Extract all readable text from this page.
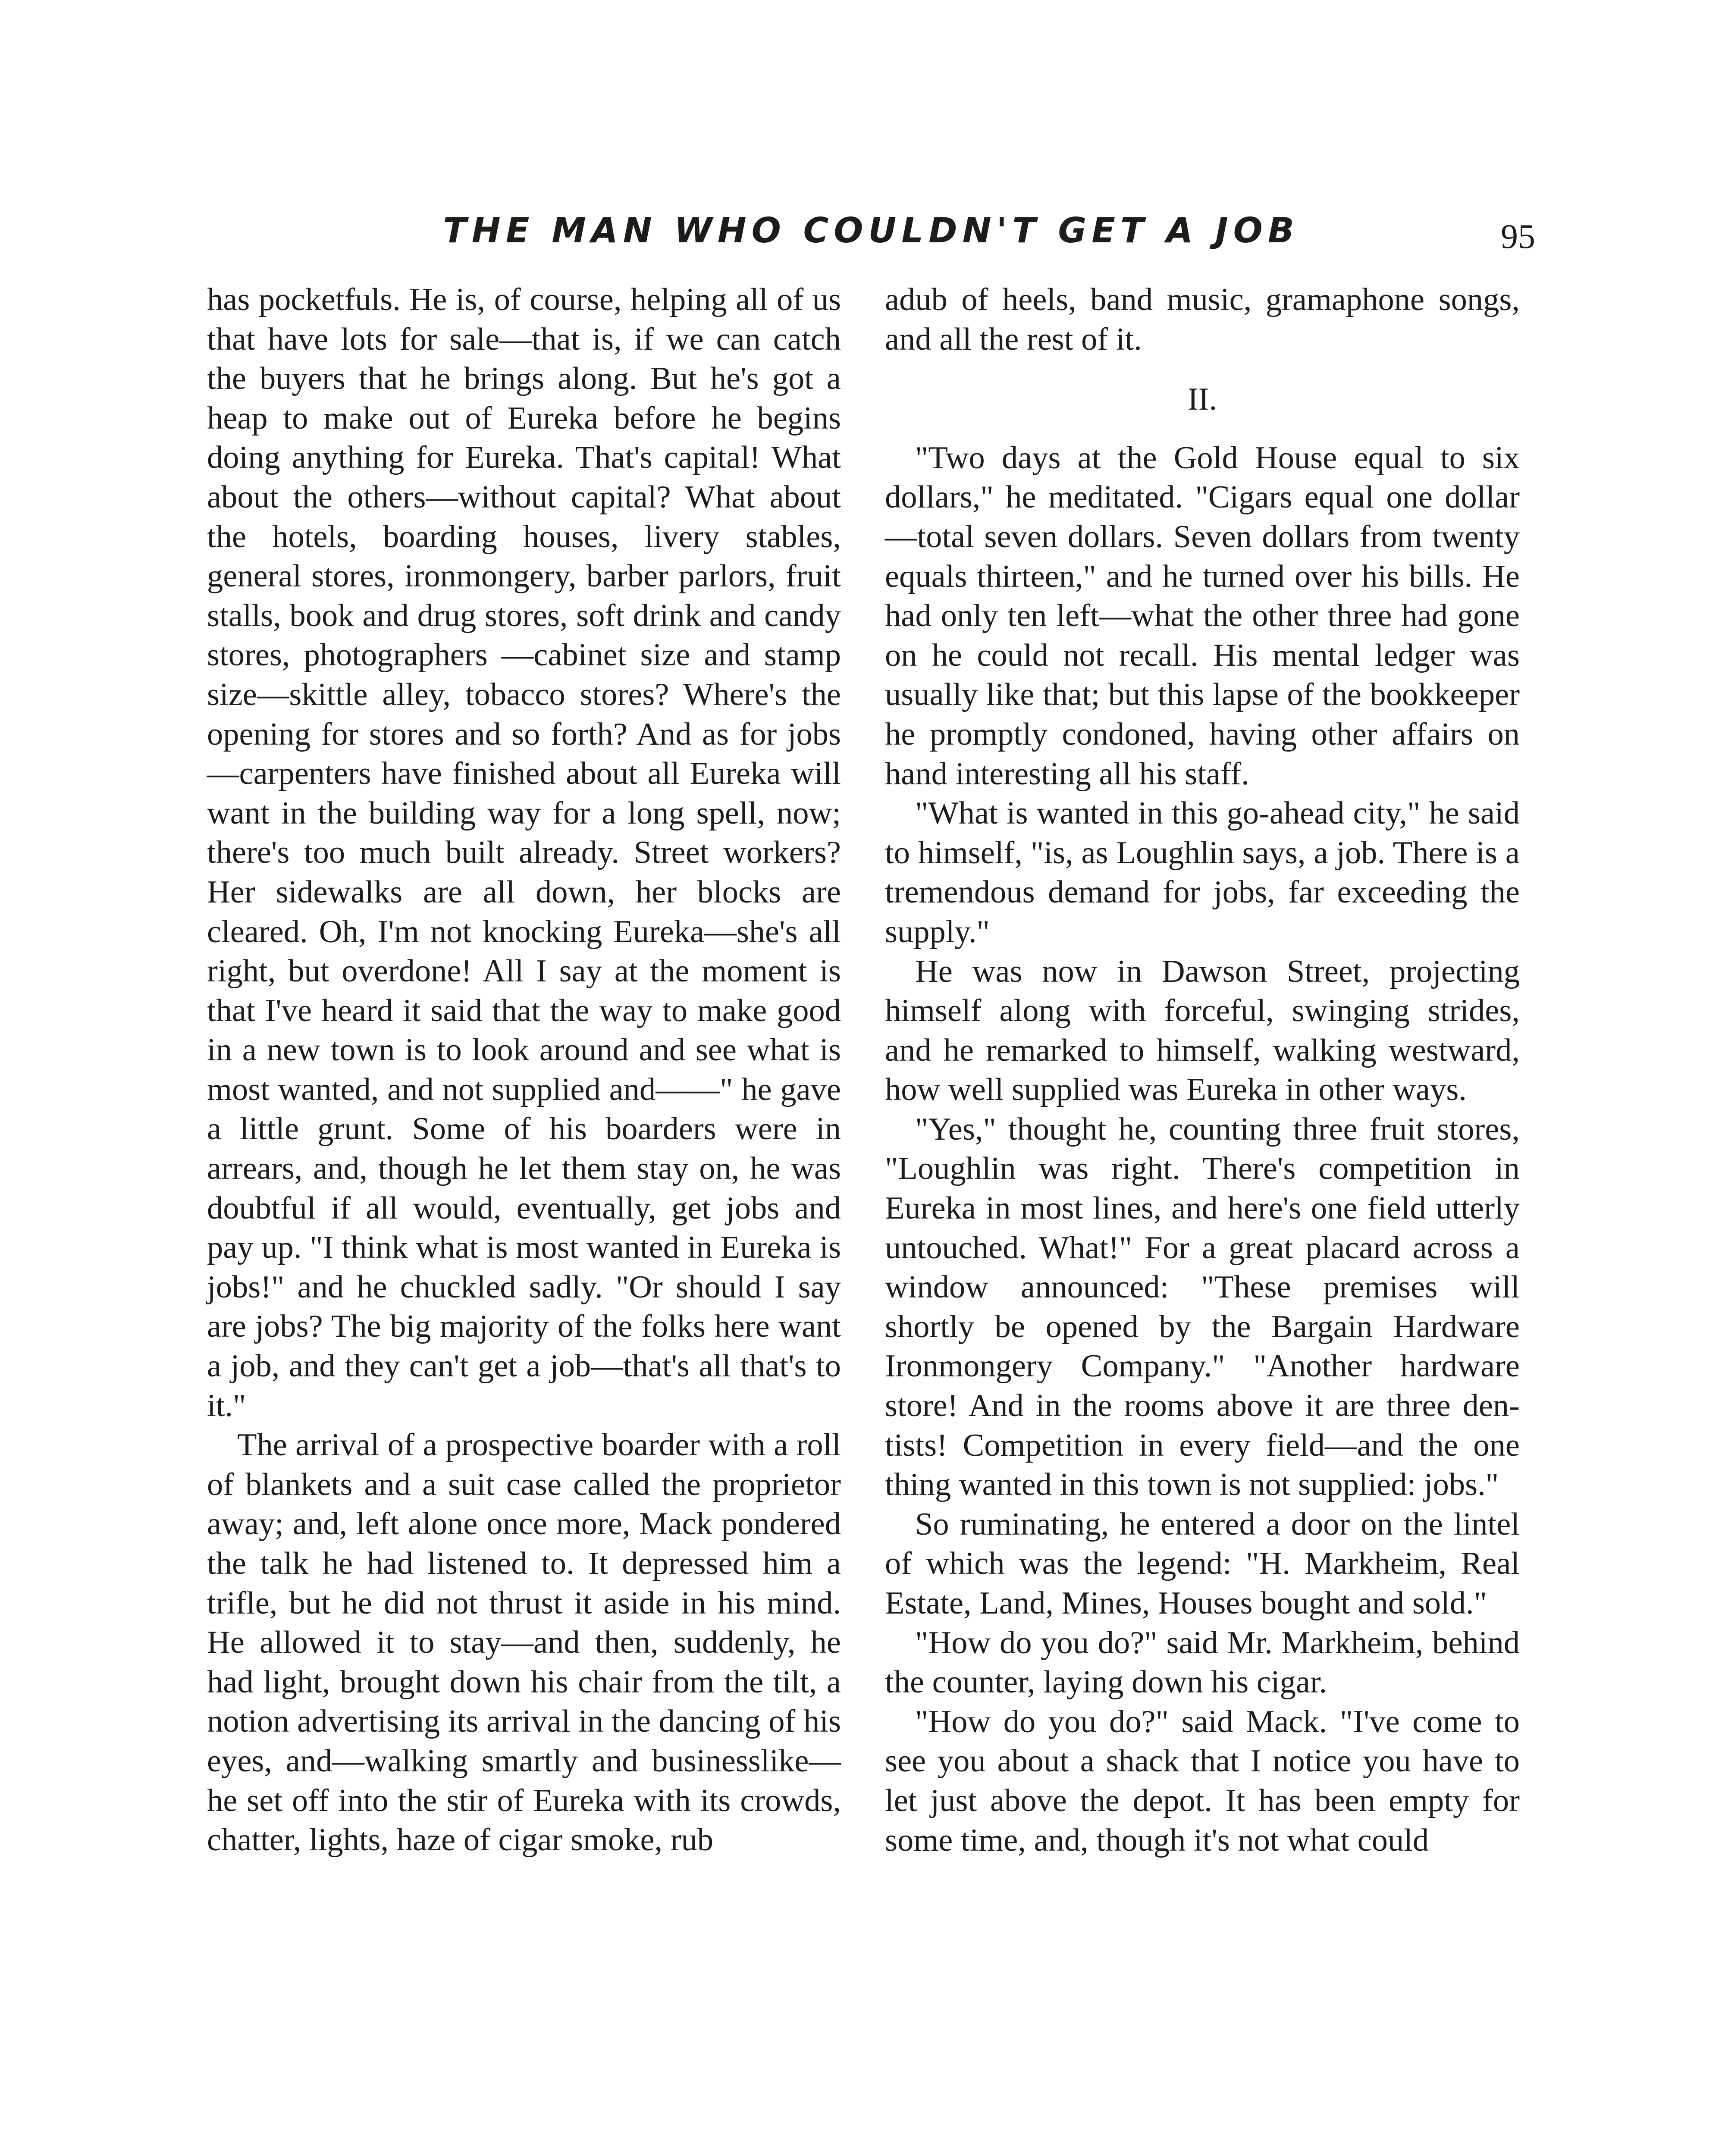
THE MAN WHO COULDN'T GET A JOB	95

has pocketfuls. He is, of course, helping all of us that have lots for sale—that is, if we can catch the buyers that he brings along. But he's got a heap to make out of Eureka before he begins doing anything for Eureka. That's capital! What about the others—without capital? What about the hotels, boarding houses, livery stables, general stores, ironmongery, barber parlors, fruit stalls, book and drug stores, soft drink and candy stores, photographers —cabinet size and stamp size—skittle alley, tobacco stores? Where's the opening for stores and so forth? And as for jobs—carpenters have finished about all Eureka will want in the building way for a long spell, now; there's too much built already. Street workers? Her sidewalks are all down, her blocks are cleared. Oh, I'm not knocking Eureka—she's all right, but overdone! All I say at the moment is that I've heard it said that the way to make good in a new town is to look around and see what is most wanted, and not supplied and——" he gave a little grunt. Some of his boarders were in arrears, and, though he let them stay on, he was doubtful if all would, eventually, get jobs and pay up. "I think what is most wanted in Eureka is jobs!" and he chuckled sadly. "Or should I say are jobs? The big majority of the folks here want a job, and they can't get a job—that's all that's to it."

The arrival of a prospective boarder with a roll of blankets and a suit case called the proprietor away; and, left alone once more, Mack pondered the talk he had listened to. It depressed him a trifle, but he did not thrust it aside in his mind. He allowed it to stay—and then, suddenly, he had light, brought down his chair from the tilt, a notion advertising its arrival in the dancing of his eyes, and—walking smartly and businesslike—he set off into the stir of Eureka with its crowds, chatter, lights, haze of cigar smoke, rub

adub of heels, band music, gramaphone songs, and all the rest of it.

II.

"Two days at the Gold House equal to six dollars," he meditated. "Cigars equal one dollar—total seven dollars. Seven dollars from twenty equals thirteen," and he turned over his bills. He had only ten left—what the other three had gone on he could not recall. His mental ledger was usually like that; but this lapse of the bookkeeper he promptly condoned, having other affairs on hand interesting all his staff.

"What is wanted in this go-ahead city," he said to himself, "is, as Loughlin says, a job. There is a tremendous demand for jobs, far exceeding the supply."

He was now in Dawson Street, projecting himself along with forceful, swinging strides, and he remarked to himself, walking westward, how well supplied was Eureka in other ways.

"Yes," thought he, counting three fruit stores, "Loughlin was right. There's competition in Eureka in most lines, and here's one field utterly untouched. What!" For a great placard across a window announced: "These premises will shortly be opened by the Bargain Hardware Ironmongery Company." "Another hardware store! And in the rooms above it are three dentists! Competition in every field—and the one thing wanted in this town is not supplied: jobs."

So ruminating, he entered a door on the lintel of which was the legend: "H. Markheim, Real Estate, Land, Mines, Houses bought and sold."

"How do you do?" said Mr. Markheim, behind the counter, laying down his cigar.

"How do you do?" said Mack. "I've come to see you about a shack that I notice you have to let just above the depot. It has been empty for some time, and, though it's not what could
